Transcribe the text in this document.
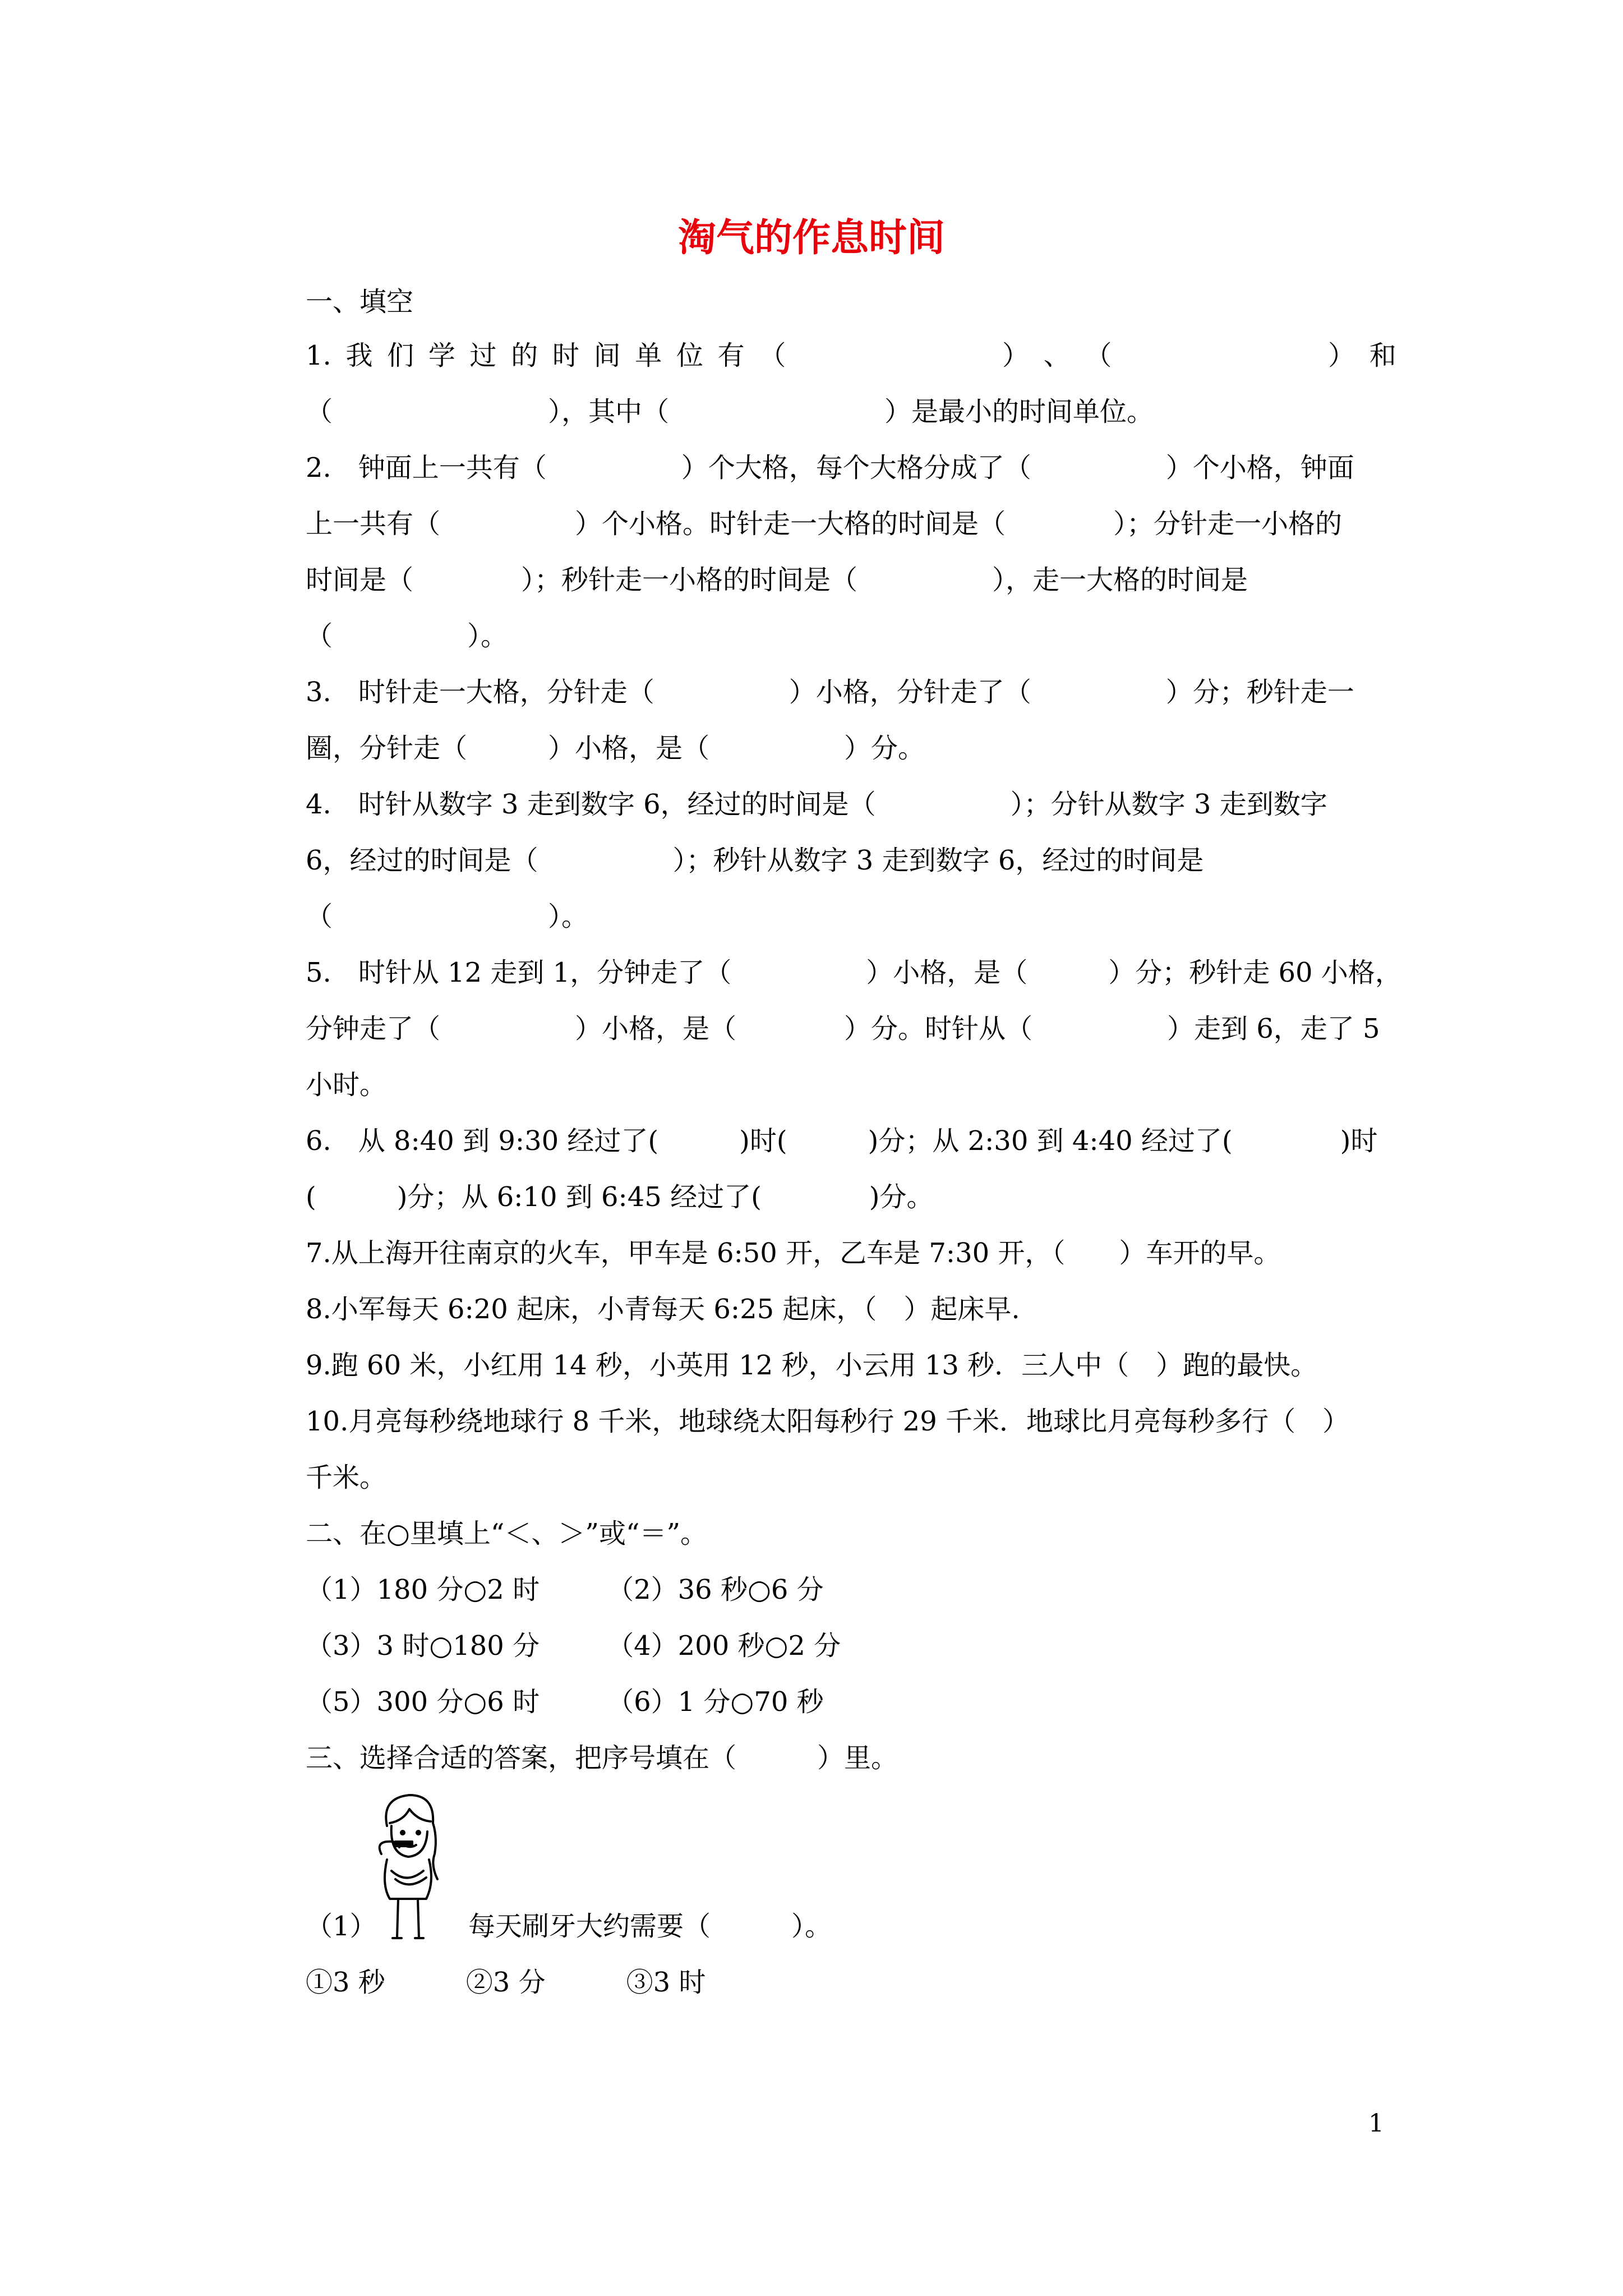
淘气的作息时间
一、填空
1. 我 们 学 过 的 时 间 单 位 有 （	） 、 （	） 和
（　　　　　　　　），其中（　　　　　　　　）是最小的时间单位。
2.　钟面上一共有（　　　　　）个大格，每个大格分成了（　　　　　）个小格，钟面
上一共有（　　　　　）个小格。时针走一大格的时间是（　　　　）；分针走一小格的
时间是（　　　　）；秒针走一小格的时间是（　　　　　），走一大格的时间是
（　　　　　）。
3.　时针走一大格，分针走（　　　　　）小格，分针走了（　　　　　）分；秒针走一
圈，分针走（　　　）小格，是（　　　　　）分。
4.　时针从数字 3 走到数字 6，经过的时间是（　　　　　）；分针从数字 3 走到数字
6，经过的时间是（　　　　　）；秒针从数字 3 走到数字 6，经过的时间是
（　　　　　　　　）。
5.　时针从 12 走到 1，分钟走了（　　　　　）小格，是（　　　）分；秒针走 60 小格，
分钟走了（　　　　　）小格，是（　　　　）分。时针从（　　　　　）走到 6，走了 5
小时。
6.　从 8:40 到 9:30 经过了(　　　)时(　　　)分；从 2:30 到 4:40 经过了(　　　　)时
(　　　)分；从 6:10 到 6:45 经过了(　　　　)分。
7.从上海开往南京的火车，甲车是 6:50 开，乙车是 7:30 开，（　　）车开的早。
8.小军每天 6:20 起床，小青每天 6:25 起床，（　）起床早.
9.跑 60 米，小红用 14 秒，小英用 12 秒，小云用 13 秒．三人中（　）跑的最快。
10.月亮每秒绕地球行 8 千米，地球绕太阳每秒行 29 千米．地球比月亮每秒多行（　）
千米。
二、在○里填上“＜、＞”或“＝”。
（1）180 分○2 时　　　（2）36 秒○6 分
（3）3 时○180 分　　　（4）200 秒○2 分
（5）300 分○6 时　　　（6）1 分○70 秒
三、选择合适的答案，把序号填在（　　　）里。
（1）	每天刷牙大约需要（　　　）。
①3 秒　　　②3 分　　　③3 时
1
